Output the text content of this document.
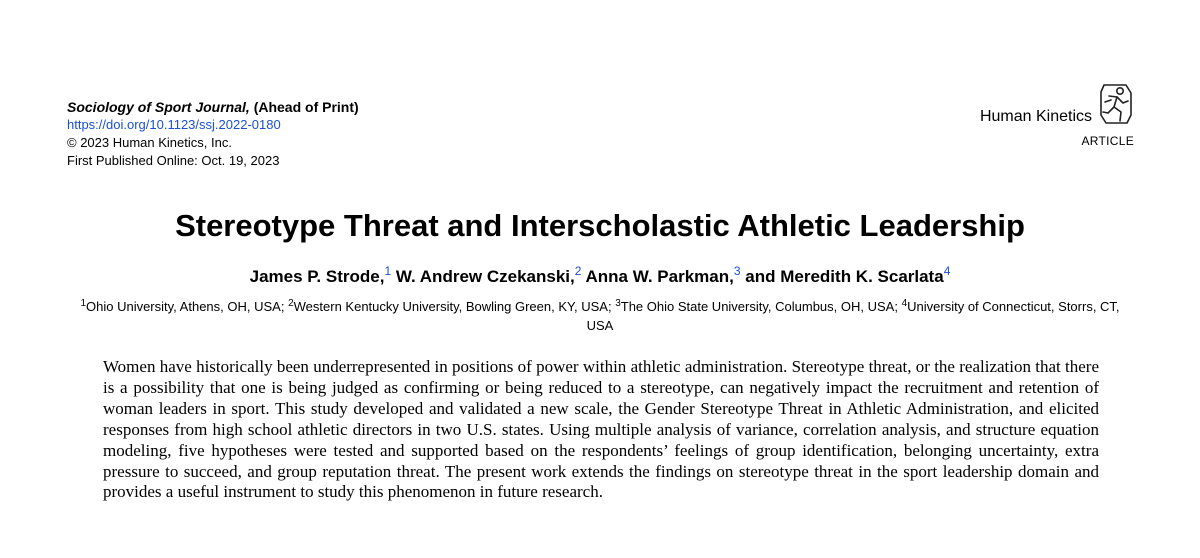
Sociology of Sport Journal, (Ahead of Print)
https://doi.org/10.1123/ssj.2022-0180
© 2023 Human Kinetics, Inc.
First Published Online: Oct. 19, 2023
Human Kinetics
ARTICLE
Stereotype Threat and Interscholastic Athletic Leadership
James P. Strode,$^1$ W. Andrew Czekanski,$^2$ Anna W. Parkman,$^3$ and Meredith K. Scarlata$^4$
$^1$Ohio University, Athens, OH, USA; $^2$Western Kentucky University, Bowling Green, KY, USA; $^3$The Ohio State University, Columbus, OH, USA; $^4$University of Connecticut, Storrs, CT, USA

Women have historically been underrepresented in positions of power within athletic administration. Stereotype threat, or the realization that there is a possibility that one is being judged as confirming or being reduced to a stereotype, can negatively impact the recruitment and retention of woman leaders in sport. This study developed and validated a new scale, the Gender Stereotype Threat in Athletic Administration, and elicited responses from high school athletic directors in two U.S. states. Using multiple analysis of variance, correlation analysis, and structure equation modeling, five hypotheses were tested and supported based on the respondents’ feelings of group identification, belonging uncertainty, extra pressure to succeed, and group reputation threat. The present work extends the findings on stereotype threat in the sport leadership domain and provides a useful instrument to study this phenomenon in future research.
